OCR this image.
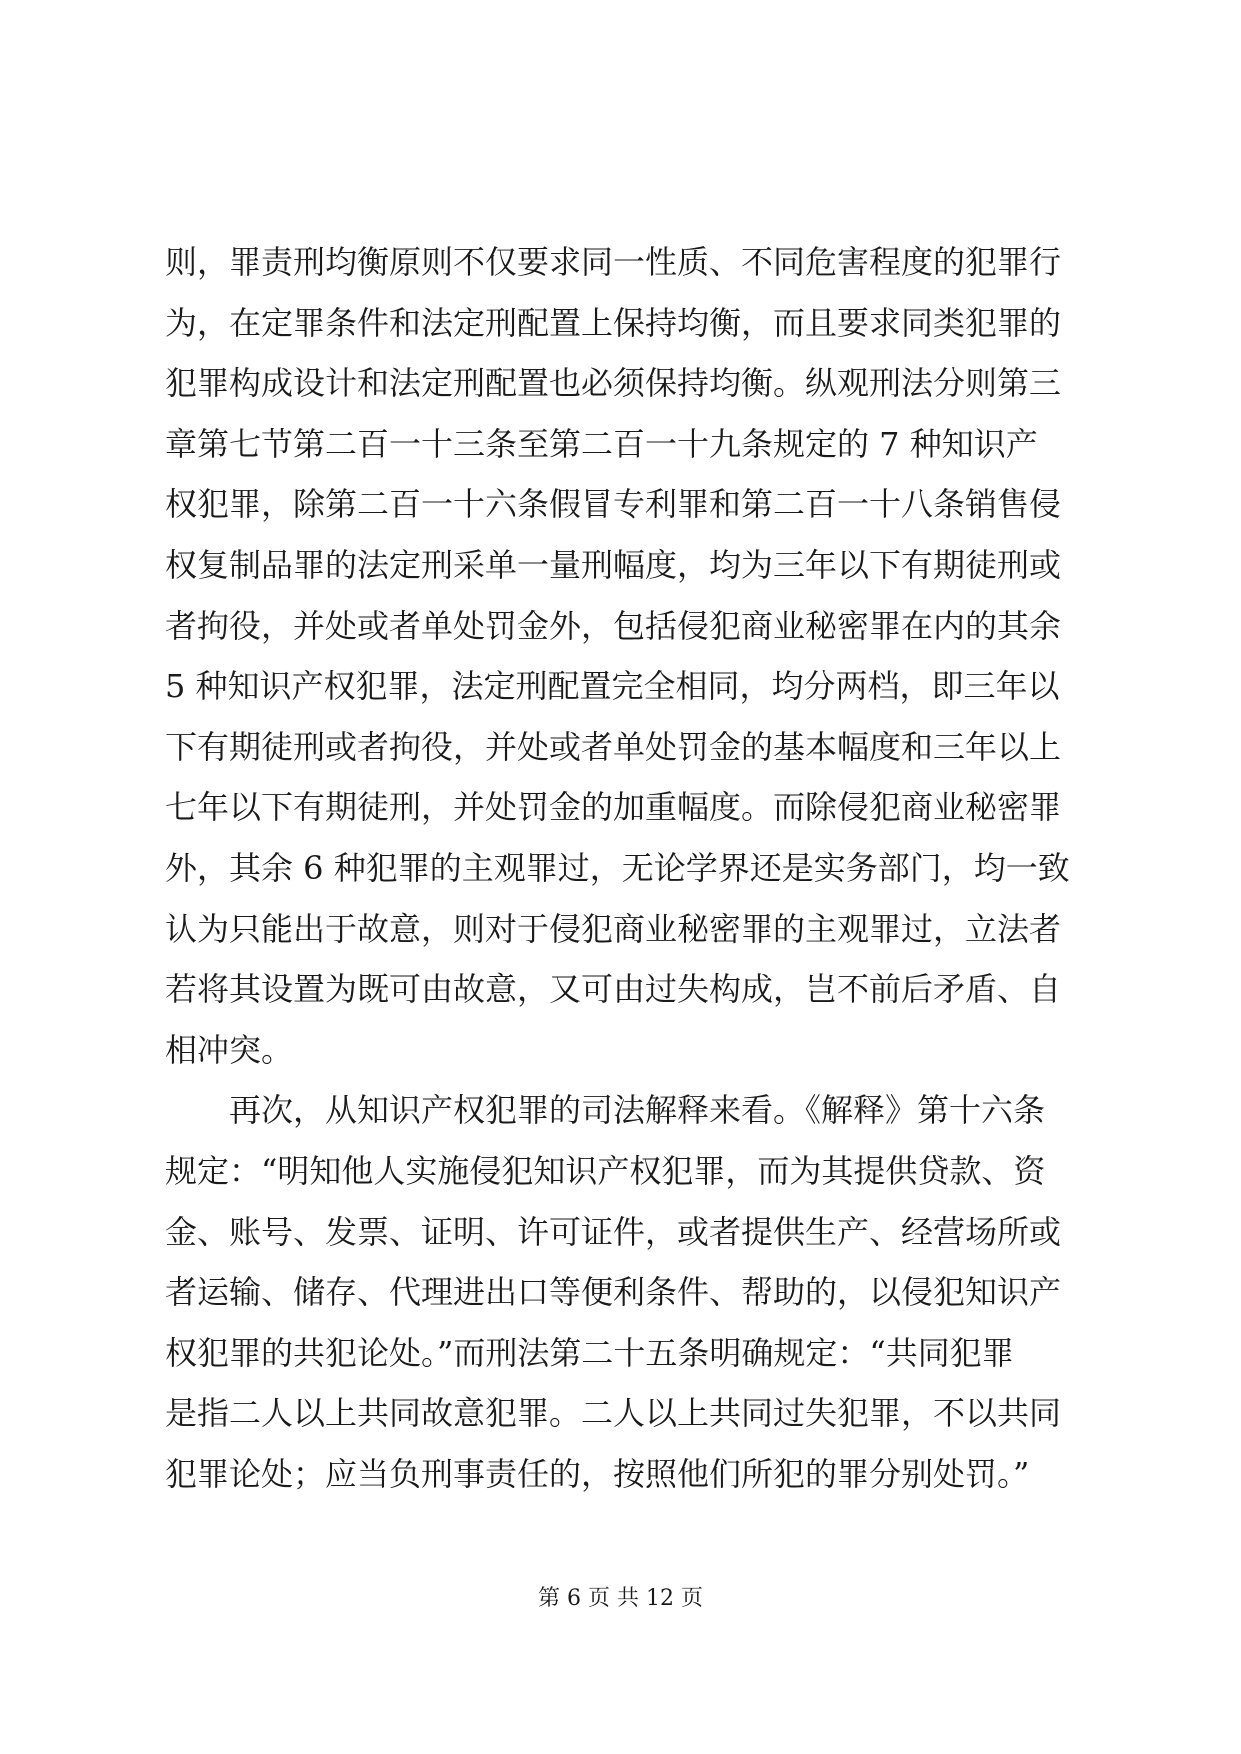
则，罪责刑均衡原则不仅要求同一性质、不同危害程度的犯罪行
为，在定罪条件和法定刑配置上保持均衡，而且要求同类犯罪的
犯罪构成设计和法定刑配置也必须保持均衡。纵观刑法分则第三
章第七节第二百一十三条至第二百一十九条规定的 7 种知识产
权犯罪，除第二百一十六条假冒专利罪和第二百一十八条销售侵
权复制品罪的法定刑采单一量刑幅度，均为三年以下有期徒刑或
者拘役，并处或者单处罚金外，包括侵犯商业秘密罪在内的其余
5 种知识产权犯罪，法定刑配置完全相同，均分两档，即三年以
下有期徒刑或者拘役，并处或者单处罚金的基本幅度和三年以上
七年以下有期徒刑，并处罚金的加重幅度。而除侵犯商业秘密罪
外，其余 6 种犯罪的主观罪过，无论学界还是实务部门，均一致
认为只能出于故意，则对于侵犯商业秘密罪的主观罪过，立法者
若将其设置为既可由故意，又可由过失构成，岂不前后矛盾、自
相冲突。
　　再次，从知识产权犯罪的司法解释来看。《解释》第十六条
规定：“明知他人实施侵犯知识产权犯罪，而为其提供贷款、资
金、账号、发票、证明、许可证件，或者提供生产、经营场所或
者运输、储存、代理进出口等便利条件、帮助的，以侵犯知识产
权犯罪的共犯论处。”而刑法第二十五条明确规定：“共同犯罪
是指二人以上共同故意犯罪。二人以上共同过失犯罪，不以共同
犯罪论处；应当负刑事责任的，按照他们所犯的罪分别处罚。”
第 6 页 共 12 页
